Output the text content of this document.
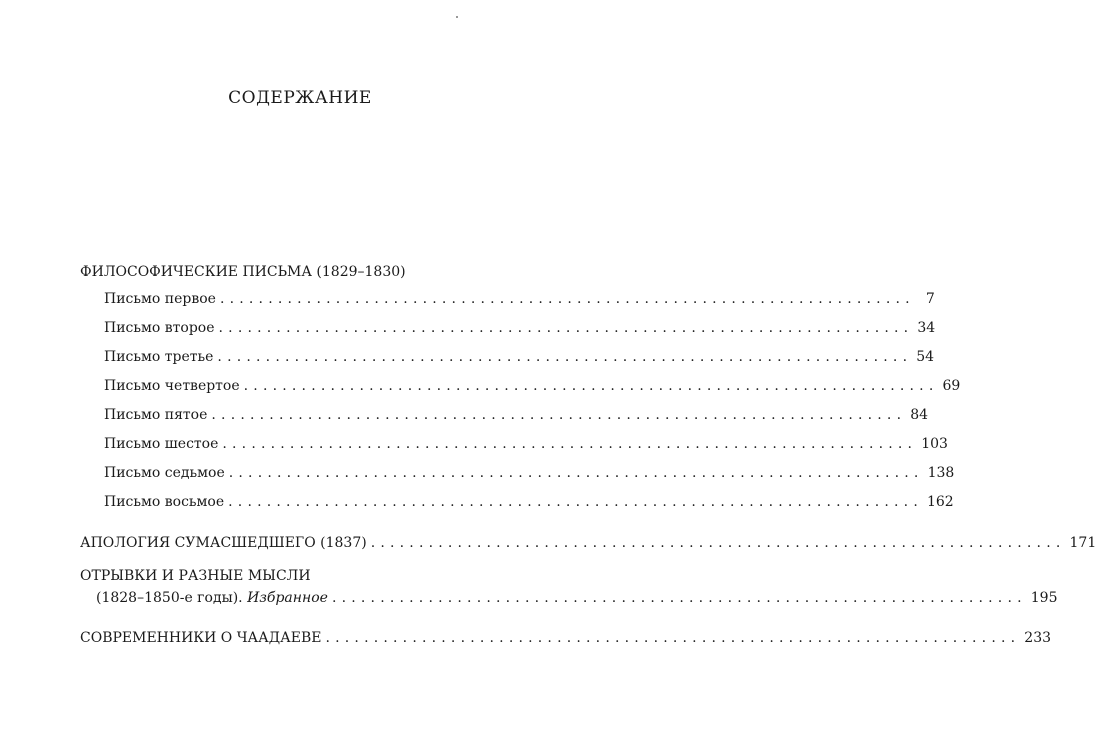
СОДЕРЖАНИЕ
ФИЛОСОФИЧЕСКИЕ ПИСЬМА (1829–1830)
Письмо первое ........................................................................ 7
Письмо второе ........................................................................ 34
Письмо третье ........................................................................ 54
Письмо четвертое ........................................................................ 69
Письмо пятое ........................................................................ 84
Письмо шестое ........................................................................ 103
Письмо седьмое ........................................................................ 138
Письмо восьмое ........................................................................ 162
АПОЛОГИЯ СУМАСШЕДШЕГО (1837) ........................................................................ 171
ОТРЫВКИ И РАЗНЫЕ МЫСЛИ
(1828–1850-е годы). Избранное ........................................................................ 195
СОВРЕМЕННИКИ О ЧААДАЕВЕ ........................................................................ 233
